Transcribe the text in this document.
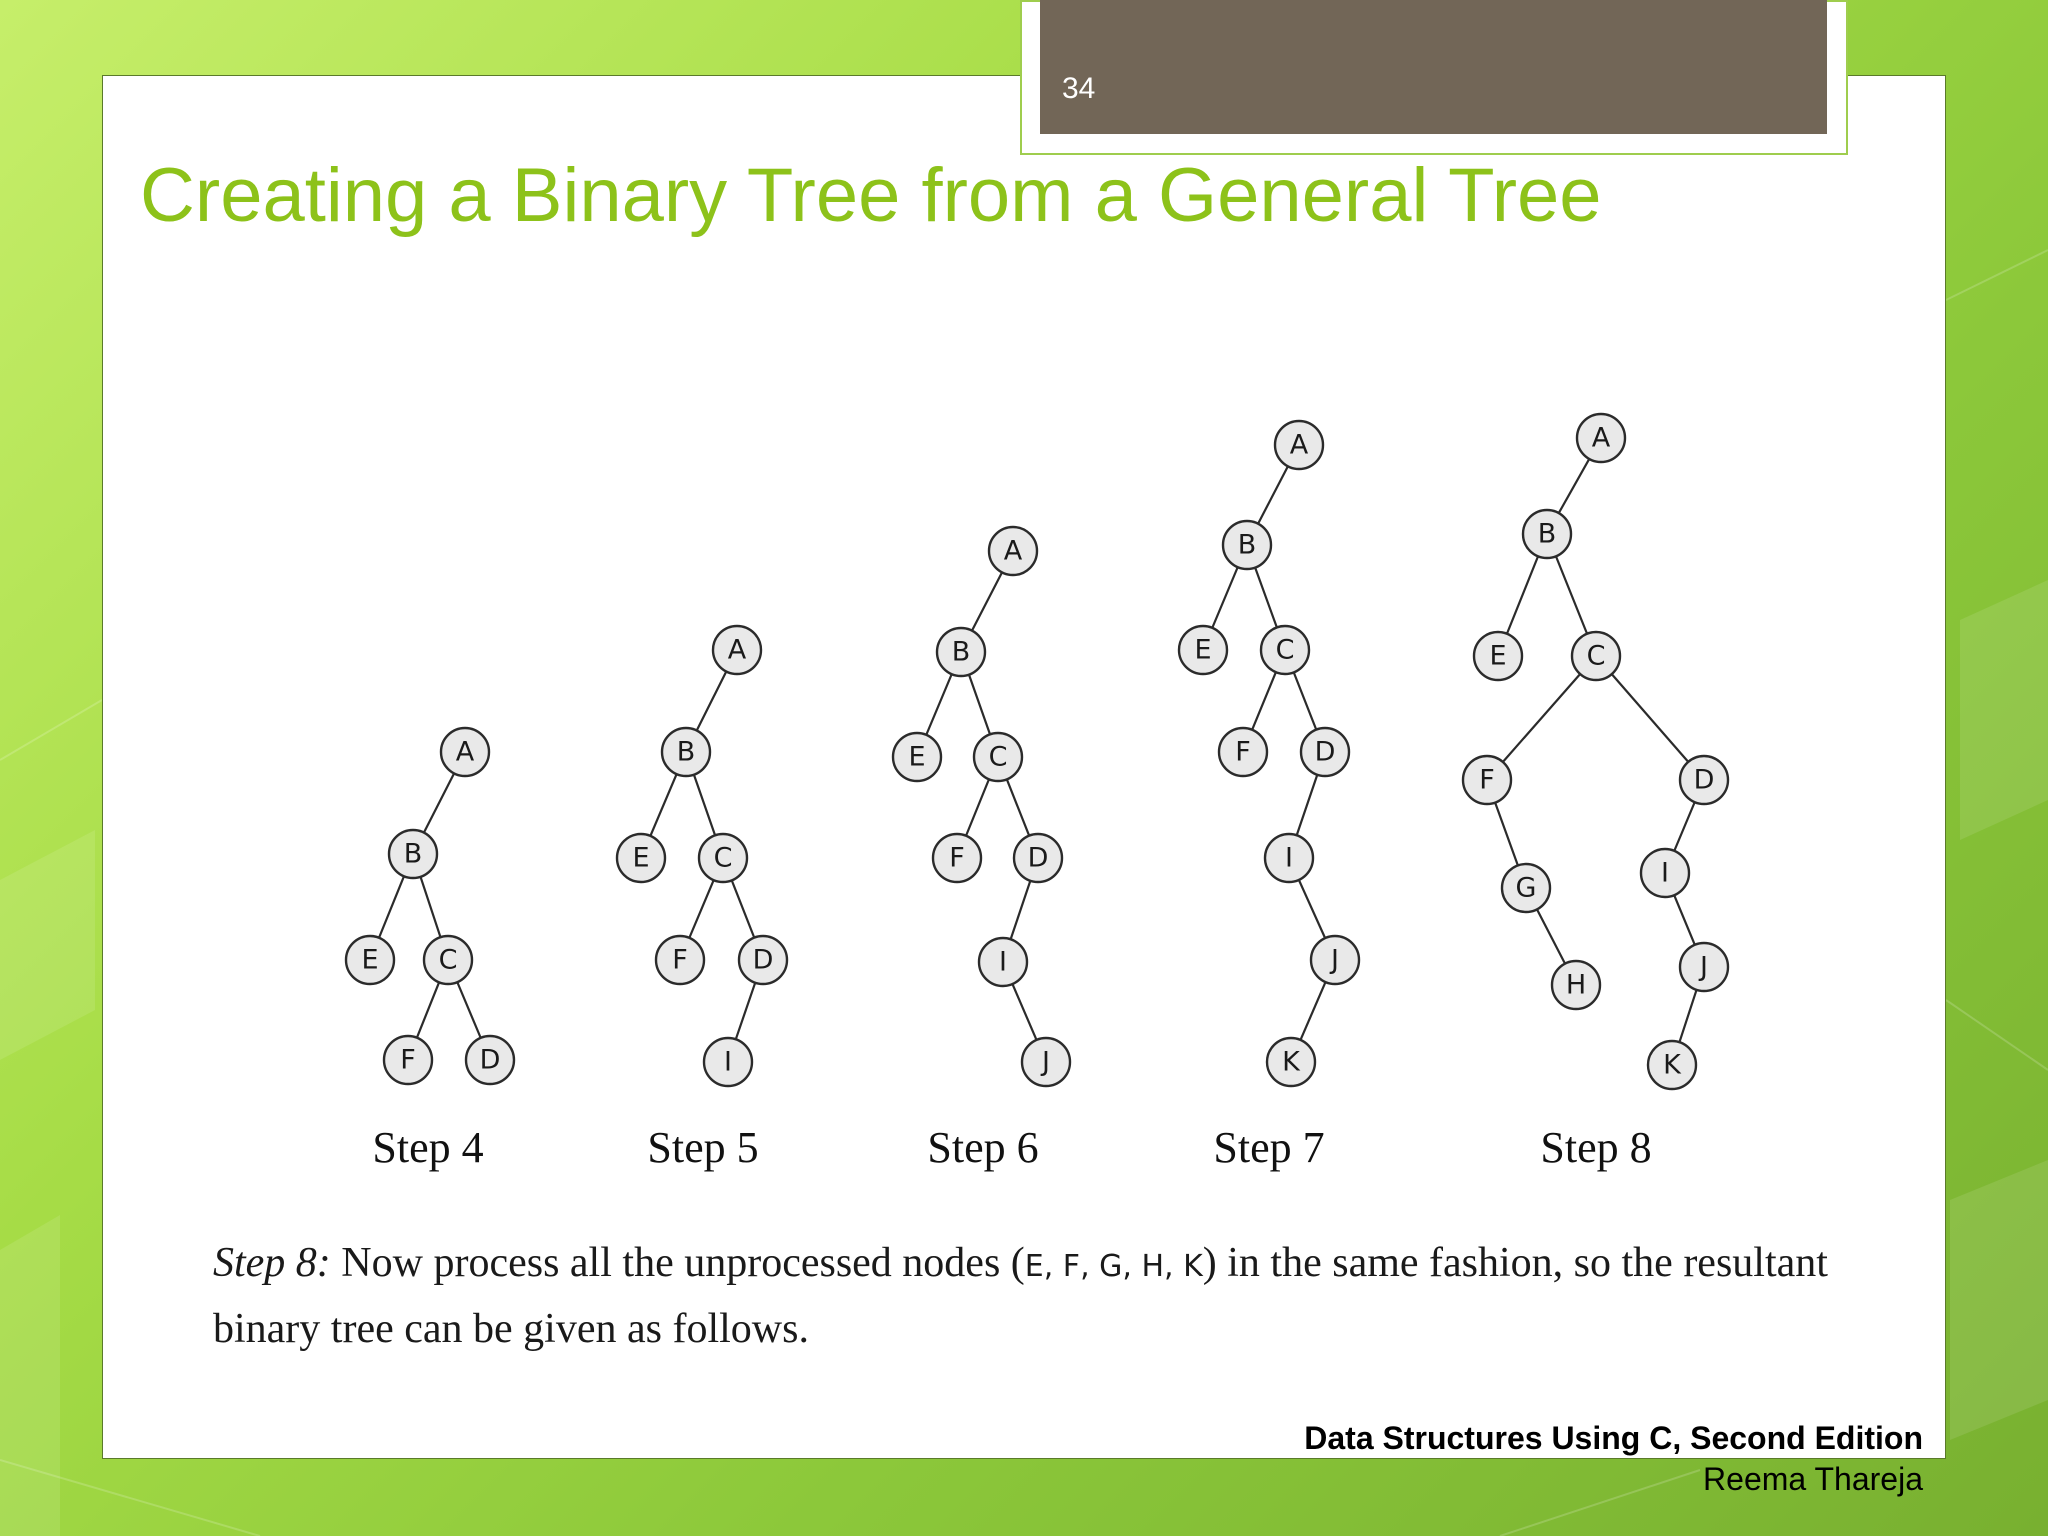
34
Creating a Binary Tree from a General Tree
A
B
E C
F D
Step 4
A
B
E C
F D
I
Step 5
A
B
E C
F D
I
J
Step 6
A
B
E C
F D
I
J
K
Step 7
A
B
E	C
F	D
G
H
I
J
K
Step 8

Step 8: Now process all the unprocessed nodes (E, F, G, H, K) in the same fashion, so the resultant binary tree can be given as follows.

Data Structures Using C, Second Edition
Reema Thareja
